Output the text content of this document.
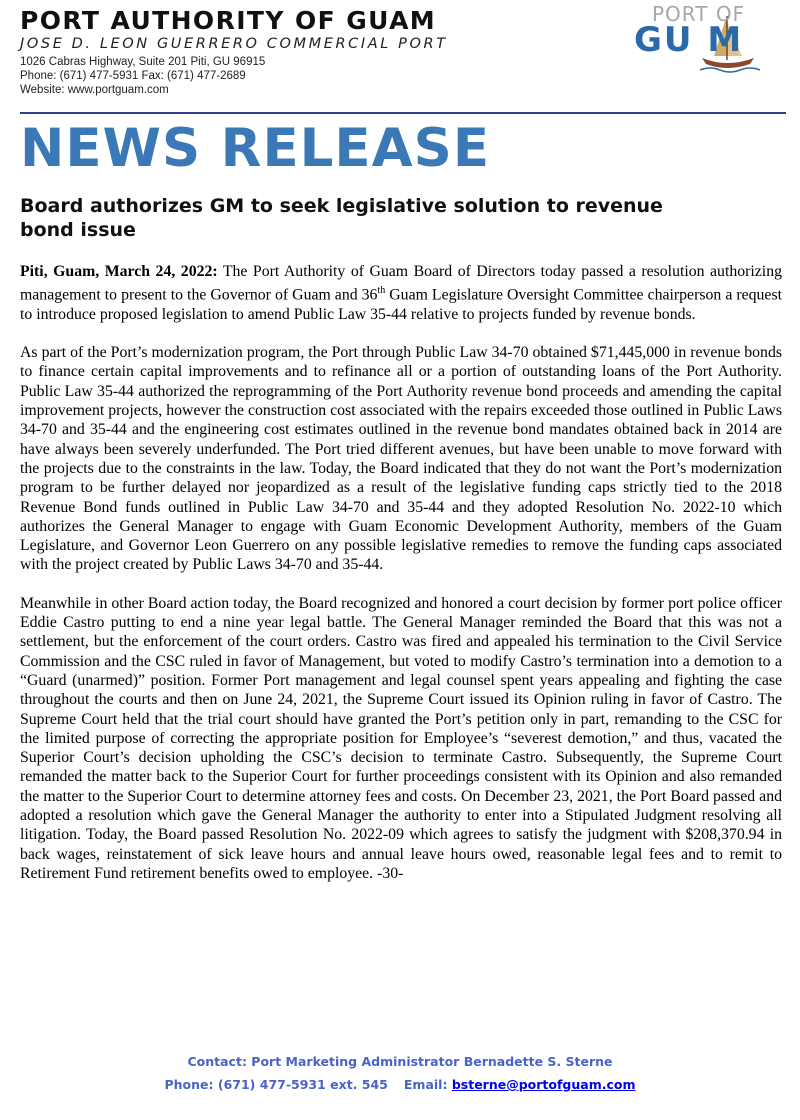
PORT AUTHORITY OF GUAM
JOSE D. LEON GUERRERO COMMERCIAL PORT
1026 Cabras Highway, Suite 201 Piti, GU 96915
Phone: (671) 477-5931 Fax: (671) 477-2689
Website: www.portguam.com
PORT OF
GU M
NEWS RELEASE
Board authorizes GM to seek legislative solution to revenue bond issue

Piti, Guam, March 24, 2022: The Port Authority of Guam Board of Directors today passed a resolution authorizing management to present to the Governor of Guam and 36th Guam Legislature Oversight Committee chairperson a request to introduce proposed legislation to amend Public Law 35-44 relative to projects funded by revenue bonds.

As part of the Port’s modernization program, the Port through Public Law 34-70 obtained $71,445,000 in revenue bonds to finance certain capital improvements and to refinance all or a portion of outstanding loans of the Port Authority. Public Law 35-44 authorized the reprogramming of the Port Authority revenue bond proceeds and amending the capital improvement projects, however the construction cost associated with the repairs exceeded those outlined in Public Laws 34-70 and 35-44 and the engineering cost estimates outlined in the revenue bond mandates obtained back in 2014 are have always been severely underfunded. The Port tried different avenues, but have been unable to move forward with the projects due to the constraints in the law. Today, the Board indicated that they do not want the Port’s modernization program to be further delayed nor jeopardized as a result of the legislative funding caps strictly tied to the 2018 Revenue Bond funds outlined in Public Law 34-70 and 35-44 and they adopted Resolution No. 2022-10 which authorizes the General Manager to engage with Guam Economic Development Authority, members of the Guam Legislature, and Governor Leon Guerrero on any possible legislative remedies to remove the funding caps associated with the project created by Public Laws 34-70 and 35-44.

Meanwhile in other Board action today, the Board recognized and honored a court decision by former port police officer Eddie Castro putting to end a nine year legal battle. The General Manager reminded the Board that this was not a settlement, but the enforcement of the court orders. Castro was fired and appealed his termination to the Civil Service Commission and the CSC ruled in favor of Management, but voted to modify Castro’s termination into a demotion to a “Guard (unarmed)” position. Former Port management and legal counsel spent years appealing and fighting the case throughout the courts and then on June 24, 2021, the Supreme Court issued its Opinion ruling in favor of Castro. The Supreme Court held that the trial court should have granted the Port’s petition only in part, remanding to the CSC for the limited purpose of correcting the appropriate position for Employee’s “severest demotion,” and thus, vacated the Superior Court’s decision upholding the CSC’s decision to terminate Castro. Subsequently, the Supreme Court remanded the matter back to the Superior Court for further proceedings consistent with its Opinion and also remanded the matter to the Superior Court to determine attorney fees and costs. On December 23, 2021, the Port Board passed and adopted a resolution which gave the General Manager the authority to enter into a Stipulated Judgment resolving all litigation. Today, the Board passed Resolution No. 2022-09 which agrees to satisfy the judgment with $208,370.94 in back wages, reinstatement of sick leave hours and annual leave hours owed, reasonable legal fees and to remit to Retirement Fund retirement benefits owed to employee. -30-

Contact: Port Marketing Administrator Bernadette S. Sterne
Phone: (671) 477-5931 ext. 545 Email: bsterne@portofguam.com
